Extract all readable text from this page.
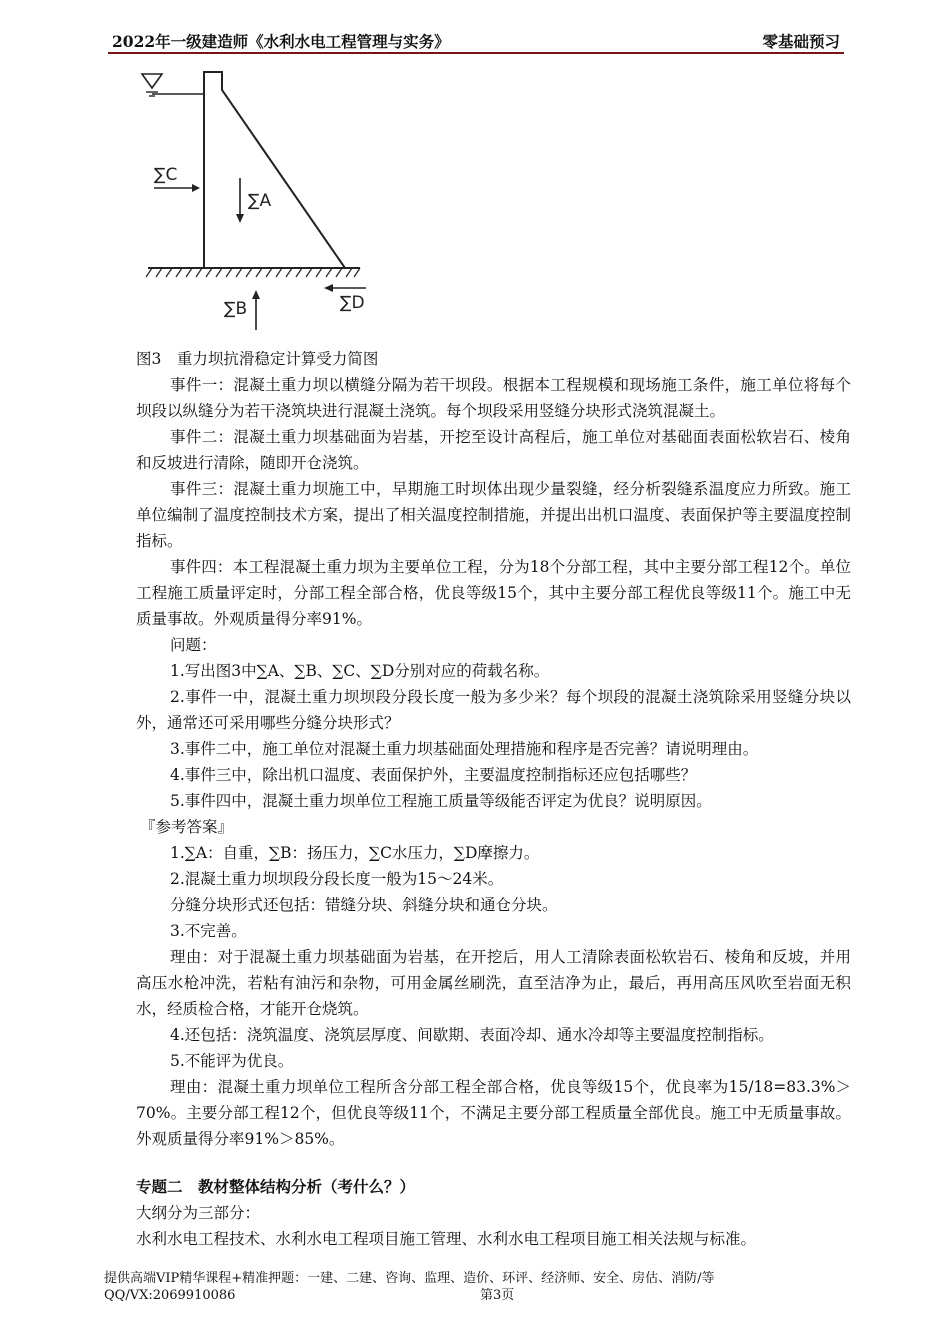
2022年一级建造师《水利水电工程管理与实务》	零基础预习
∑C
∑A
∑B	∑D

图3　重力坝抗滑稳定计算受力简图

事件一：混凝土重力坝以横缝分隔为若干坝段。根据本工程规模和现场施工条件，施工单位将每个坝段以纵缝分为若干浇筑块进行混凝土浇筑。每个坝段采用竖缝分块形式浇筑混凝土。

事件二：混凝土重力坝基础面为岩基，开挖至设计高程后，施工单位对基础面表面松软岩石、棱角和反坡进行清除，随即开仓浇筑。

事件三：混凝土重力坝施工中，早期施工时坝体出现少量裂缝，经分析裂缝系温度应力所致。施工单位编制了温度控制技术方案，提出了相关温度控制措施，并提出出机口温度、表面保护等主要温度控制指标。

事件四：本工程混凝土重力坝为主要单位工程，分为18个分部工程，其中主要分部工程12个。单位工程施工质量评定时，分部工程全部合格，优良等级15个，其中主要分部工程优良等级11个。施工中无质量事故。外观质量得分率91%。

问题：

1.写出图3中∑A、∑B、∑C、∑D分别对应的荷载名称。

2.事件一中，混凝土重力坝坝段分段长度一般为多少米？每个坝段的混凝土浇筑除采用竖缝分块以外，通常还可采用哪些分缝分块形式？

3.事件二中，施工单位对混凝土重力坝基础面处理措施和程序是否完善？请说明理由。

4.事件三中，除出机口温度、表面保护外，主要温度控制指标还应包括哪些？

5.事件四中，混凝土重力坝单位工程施工质量等级能否评定为优良？说明原因。

『参考答案』

1.∑A：自重，∑B：扬压力，∑C水压力，∑D摩擦力。

2.混凝土重力坝坝段分段长度一般为15～24米。

分缝分块形式还包括：错缝分块、斜缝分块和通仓分块。

3.不完善。

理由：对于混凝土重力坝基础面为岩基，在开挖后，用人工清除表面松软岩石、棱角和反坡，并用高压水枪冲洗，若粘有油污和杂物，可用金属丝刷洗，直至洁净为止，最后，再用高压风吹至岩面无积水，经质检合格，才能开仓烧筑。

4.还包括：浇筑温度、浇筑层厚度、间歇期、表面冷却、通水冷却等主要温度控制指标。

5.不能评为优良。

理由：混凝土重力坝单位工程所含分部工程全部合格，优良等级15个，优良率为15/18=83.3%＞70%。主要分部工程12个，但优良等级11个，不满足主要分部工程质量全部优良。施工中无质量事故。外观质量得分率91%＞85%。

专题二　教材整体结构分析（考什么？）

大纲分为三部分：

水利水电工程技术、水利水电工程项目施工管理、水利水电工程项目施工相关法规与标准。

提供高端VIP精华课程+精准押题：一建、二建、咨询、监理、造价、环评、经济师、安全、房估、消防/等
QQ/VX:2069910086	第3页
